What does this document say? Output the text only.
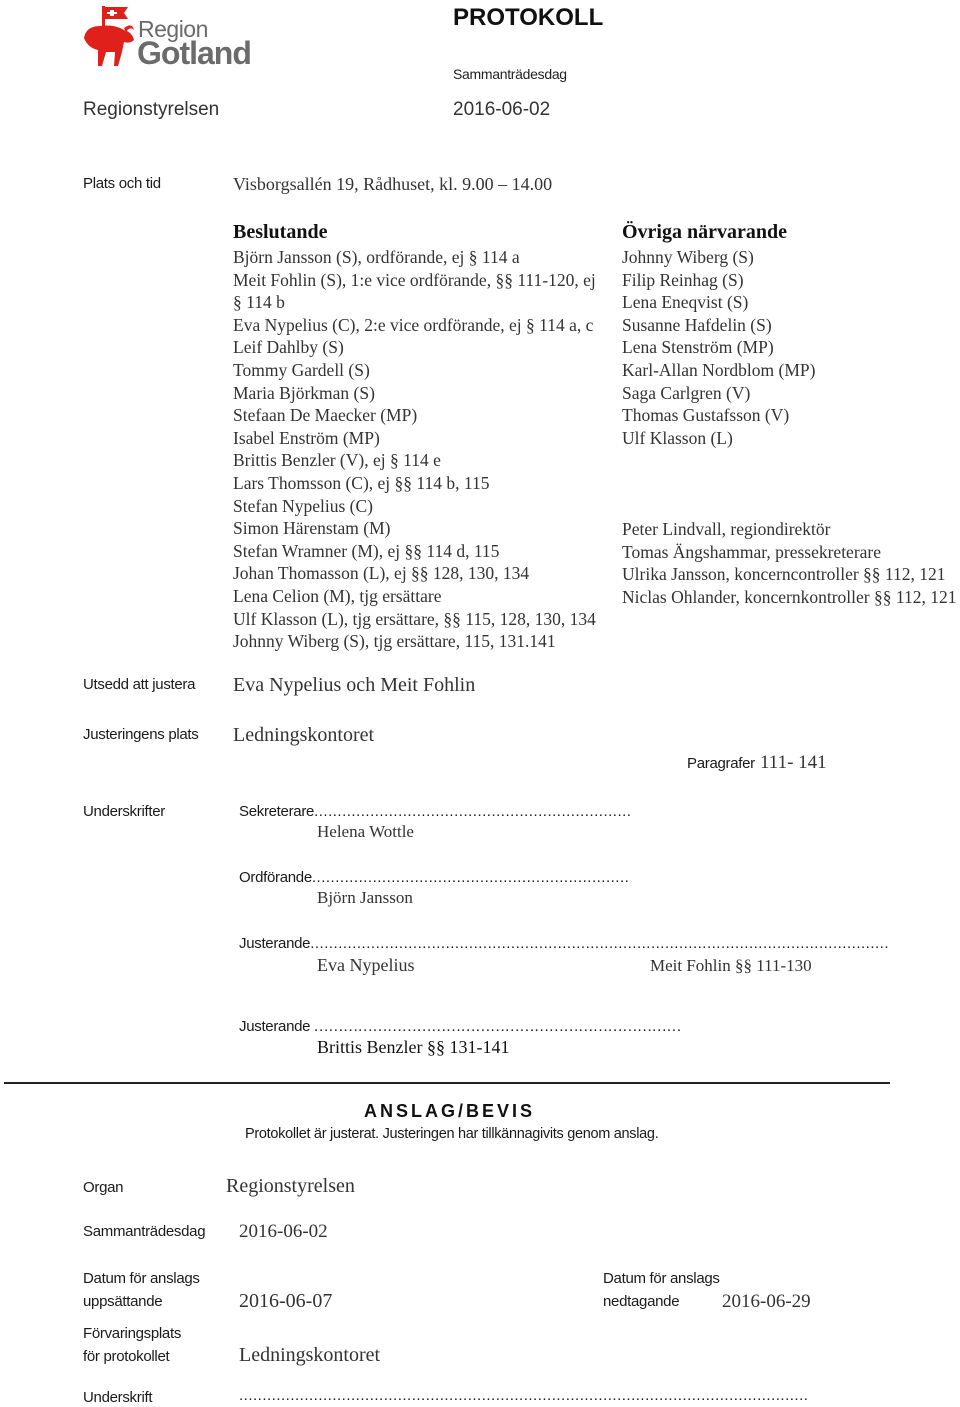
Region
Gotland
PROTOKOLL
Sammanträdesdag
Regionstyrelsen	2016-06-02
Plats och tid	Visborgsallén 19, Rådhuset, kl. 9.00 – 14.00
Beslutande
Björn Jansson (S), ordförande, ej § 114 a
Meit Fohlin (S), 1:e vice ordförande, §§ 111-120, ej
§ 114 b
Eva Nypelius (C), 2:e vice ordförande, ej § 114 a, c
Leif Dahlby (S)
Tommy Gardell (S)
Maria Björkman (S)
Stefaan De Maecker (MP)
Isabel Enström (MP)
Brittis Benzler (V), ej § 114 e
Lars Thomsson (C), ej §§ 114 b, 115
Stefan Nypelius (C)
Simon Härenstam (M)
Stefan Wramner (M), ej §§ 114 d, 115
Johan Thomasson (L), ej §§ 128, 130, 134
Lena Celion (M), tjg ersättare
Ulf Klasson (L), tjg ersättare, §§ 115, 128, 130, 134
Johnny Wiberg (S), tjg ersättare, 115, 131.141
Övriga närvarande
Johnny Wiberg (S)
Filip Reinhag (S)
Lena Eneqvist (S)
Susanne Hafdelin (S)
Lena Stenström (MP)
Karl-Allan Nordblom (MP)
Saga Carlgren (V)
Thomas Gustafsson (V)
Ulf Klasson (L)
Peter Lindvall, regiondirektör
Tomas Ängshammar, pressekreterare
Ulrika Jansson, koncerncontroller §§ 112, 121
Niclas Ohlander, koncernkontroller §§ 112, 121
Utsedd att justera Eva Nypelius och Meit Fohlin
Justeringens plats Ledningskontoret
Paragrafer 111- 141
Underskrifter	Sekreterare....................................................................
Helena Wottle
Ordförande....................................................................
Björn Jansson
Justerande............................................................................................................................
Eva Nypelius	Meit Fohlin §§ 111-130
Justerande …………………………………………………………………
Brittis Benzler §§ 131-141
ANSLAG/BEVIS
Protokollet är justerat. Justeringen har tillkännagivits genom anslag.
Organ	Regionstyrelsen
Sammanträdesdag 2016-06-02
Datum för anslags
uppsättande	2016-06-07
Datum för anslags
nedtagande 2016-06-29
Förvaringsplats
för protokollet	Ledningskontoret
Underskrift	..........................................................................................................................
